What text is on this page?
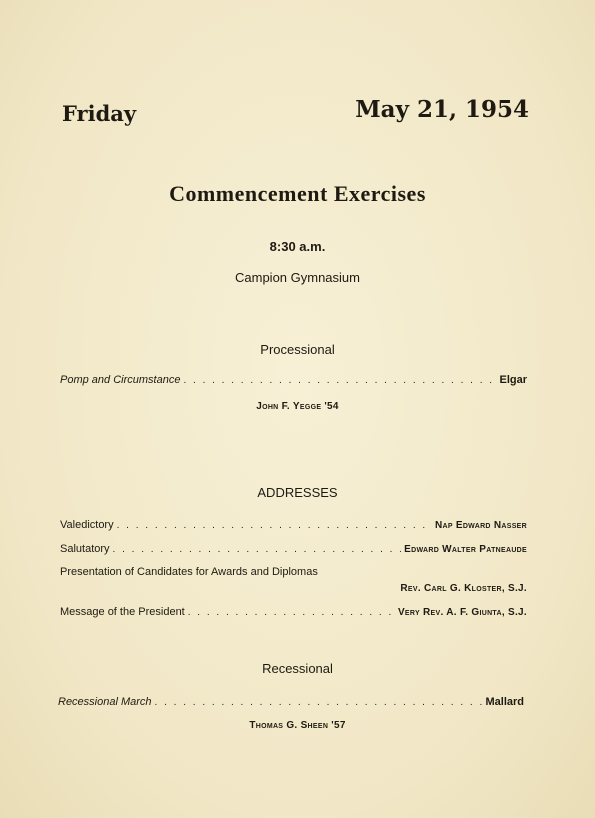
Friday	May 21, 1954
Commencement Exercises
8:30 a.m.
Campion Gymnasium
Processional
Pomp and Circumstance . . .	Elgar
John F. Yegge '54
ADDRESSES
Valedictory . . .	Nap Edward Nasser
Salutatory . . .	Edward Walter Patneaude
Presentation of Candidates for Awards and Diplomas
Rev. Carl G. Kloster, S.J.
Message of the President . . .	Very Rev. A. F. Giunta, S.J.
Recessional
Recessional March . . .	Mallard
Thomas G. Sheen '57
